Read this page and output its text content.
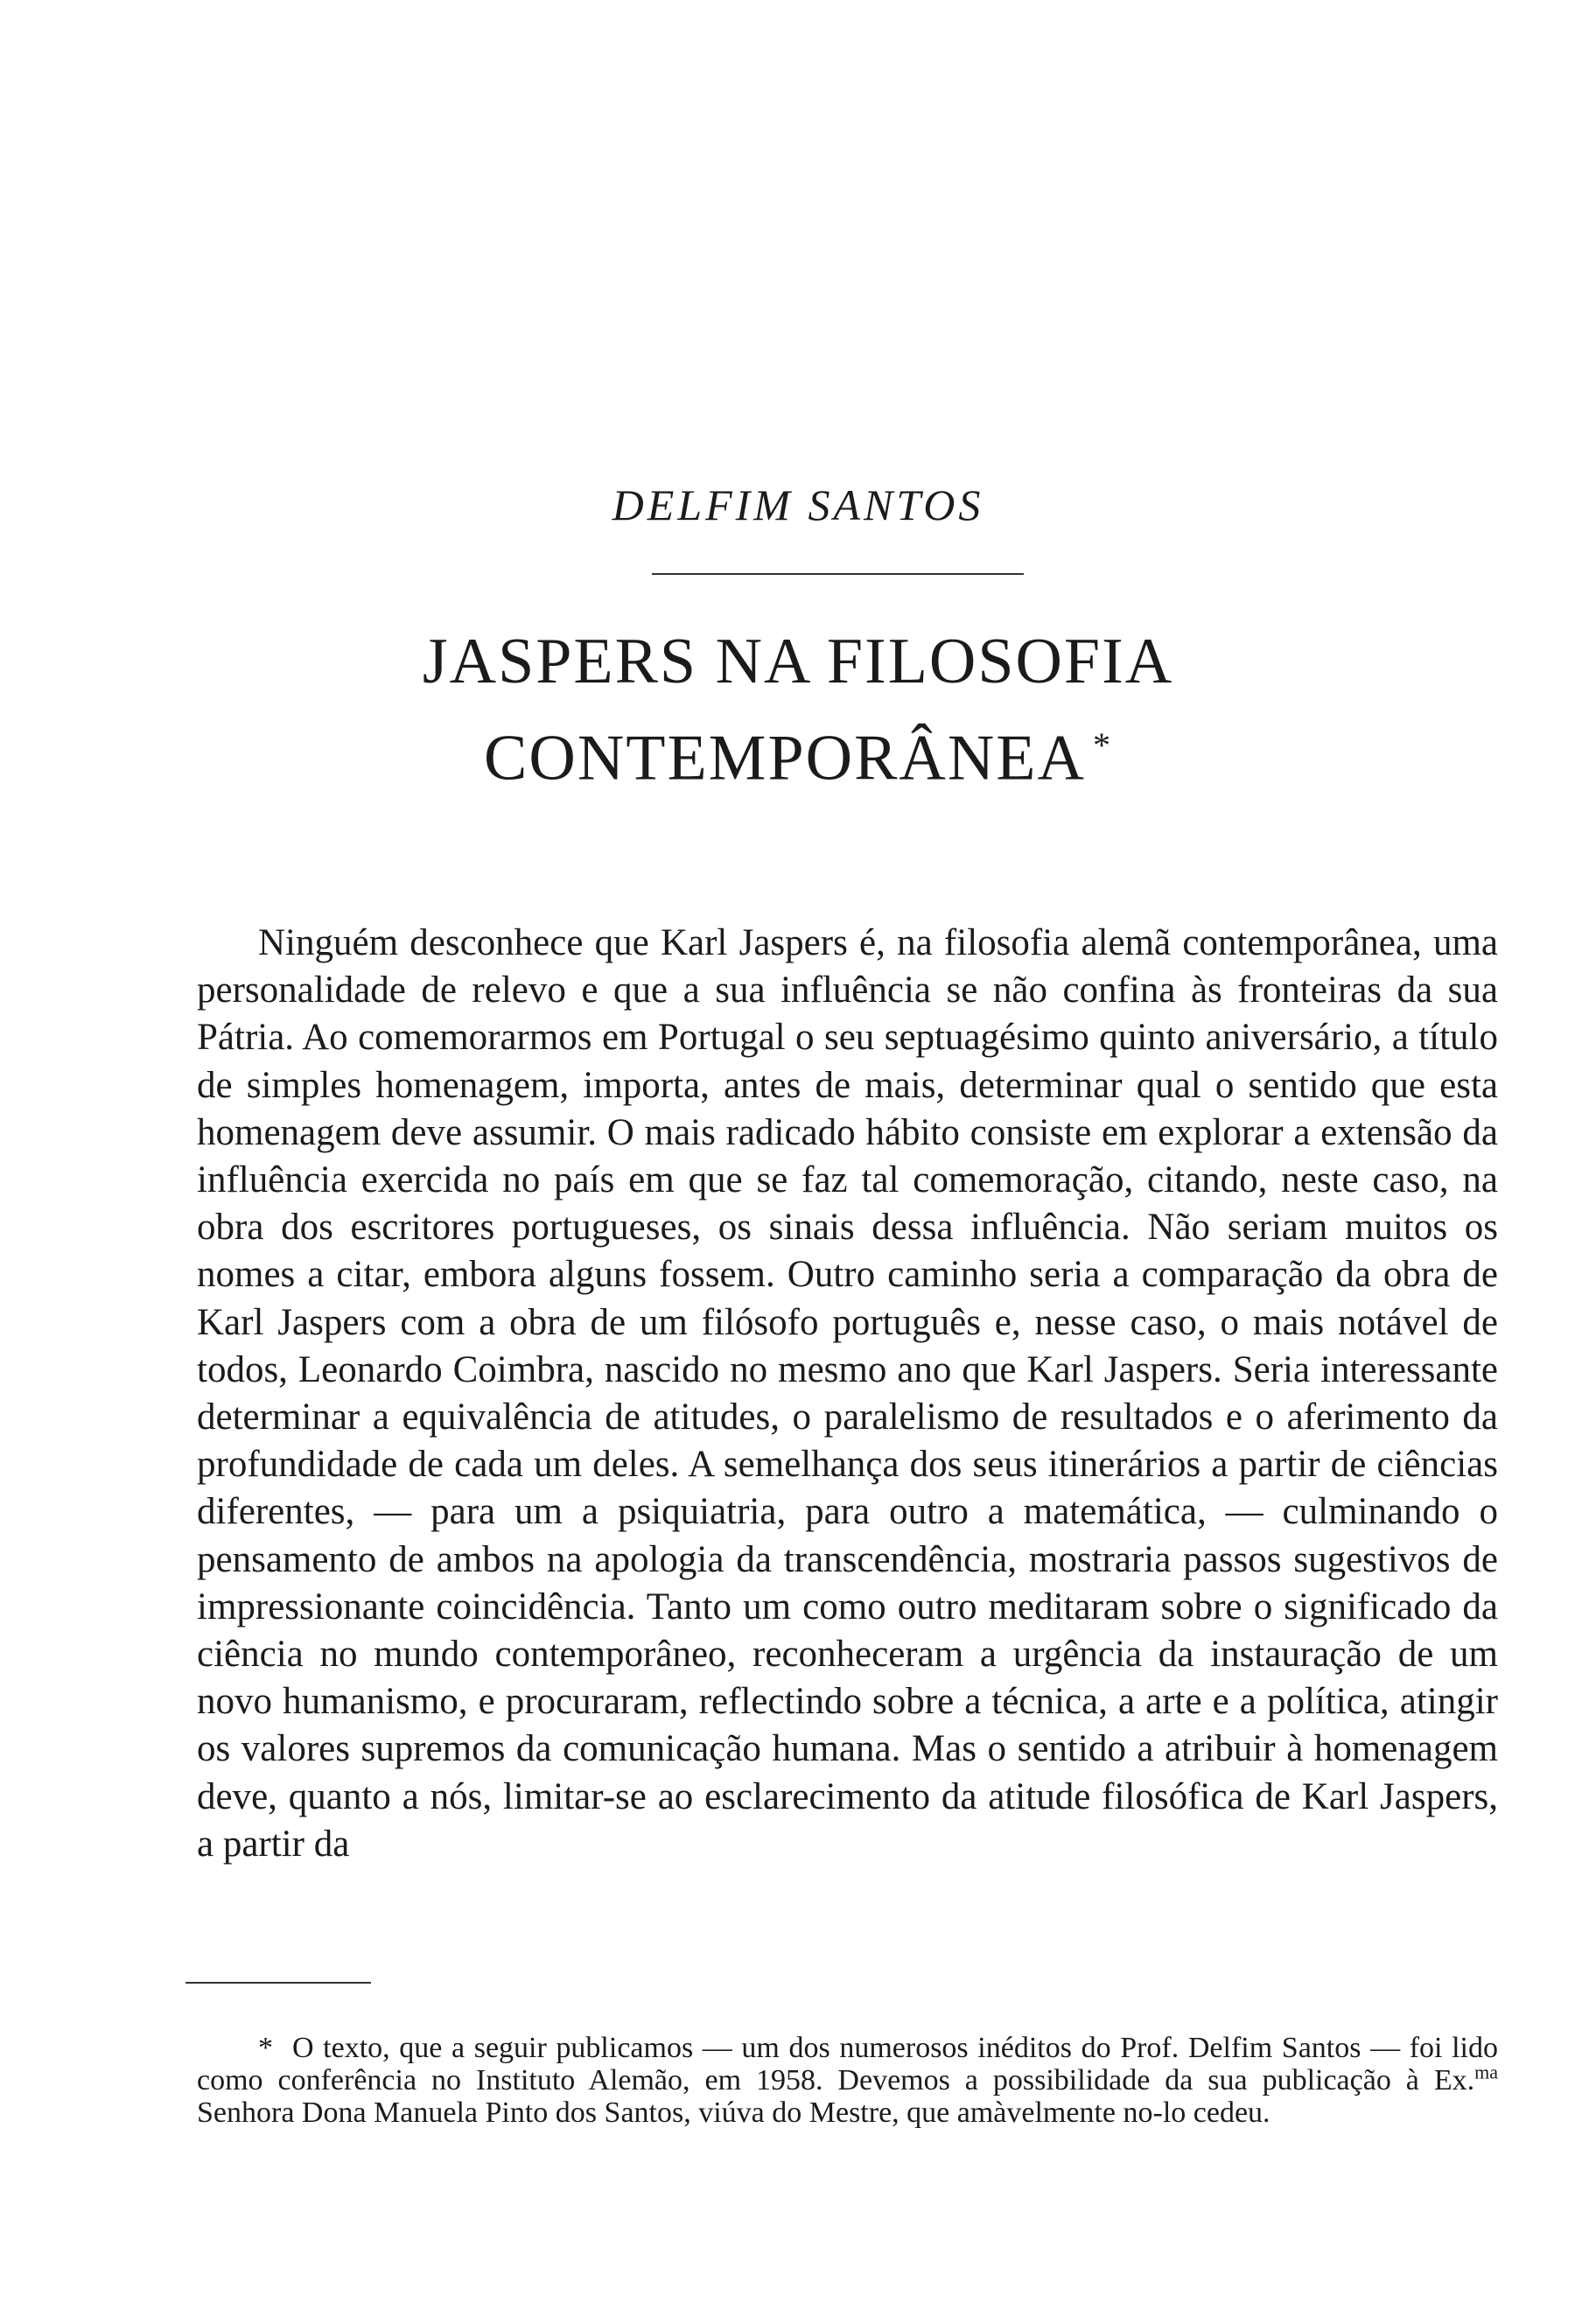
DELFIM SANTOS
JASPERS NA FILOSOFIA
CONTEMPORÂNEA *

Ninguém desconhece que Karl Jaspers é, na filosofia alemã contemporânea, uma personalidade de relevo e que a sua influência se não confina às fronteiras da sua Pátria. Ao comemorarmos em Portugal o seu septuagésimo quinto aniversário, a título de simples homenagem, importa, antes de mais, determinar qual o sentido que esta homenagem deve assumir. O mais radicado hábito consiste em explorar a extensão da influência exercida no país em que se faz tal comemoração, citando, neste caso, na obra dos escritores portugueses, os sinais dessa influência. Não seriam muitos os nomes a citar, embora alguns fossem. Outro caminho seria a comparação da obra de Karl Jaspers com a obra de um filósofo português e, nesse caso, o mais notável de todos, Leonardo Coimbra, nascido no mesmo ano que Karl Jaspers. Seria interessante determinar a equivalência de atitudes, o paralelismo de resultados e o aferimento da profundidade de cada um deles. A semelhança dos seus itinerários a partir de ciências diferentes, — para um a psiquiatria, para outro a matemática, — culminando o pensamento de ambos na apologia da transcendência, mostraria passos sugestivos de impressionante coincidência. Tanto um como outro meditaram sobre o significado da ciência no mundo contemporâneo, reconheceram a urgência da instauração de um novo humanismo, e procuraram, reflectindo sobre a técnica, a arte e a política, atingir os valores supremos da comunicação humana. Mas o sentido a atribuir à homenagem deve, quanto a nós, limitar-se ao esclarecimento da atitude filosófica de Karl Jaspers, a partir da

* O texto, que a seguir publicamos — um dos numerosos inéditos do Prof. Delfim Santos — foi lido como conferência no Instituto Alemão, em 1958. Devemos a possibilidade da sua publicação à Ex.$^{ma}$ Senhora Dona Manuela Pinto dos Santos, viúva do Mestre, que amàvelmente no-lo cedeu.
